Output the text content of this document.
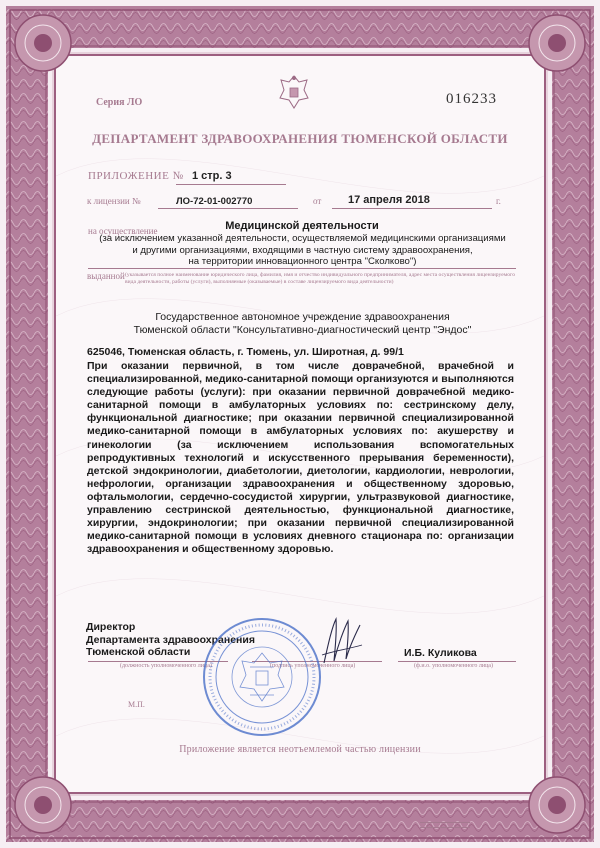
Серия ЛО	016233
ДЕПАРТАМЕНТ ЗДРАВООХРАНЕНИЯ ТЮМЕНСКОЙ ОБЛАСТИ
ПРИЛОЖЕНИЕ № 1 стр. 3
к лицензии №	ЛО-72-01-002770	от 17 апреля 2018	г.
на осуществление	Медицинской деятельности
(за исключением указанной деятельности, осуществляемой медицинскими организациями
и другими организациями, входящими в частную систему здравоохранения,
на территории инновационного центра "Сколково")
выданной (указывается полное наименование юридического лица, фамилия, имя и отчество индивидуального предпринимателя, адрес места осуществления лицензируемого вида деятельности, работы (услуги), выполняемые (оказываемые) в составе лицензируемого вида деятельности)
Государственное автономное учреждение здравоохранения
Тюменской области "Консультативно-диагностический центр "Эндос"
625046, Тюменская область, г. Тюмень, ул. Широтная, д. 99/1
При оказании первичной, в том числе доврачебной, врачебной и специализированной, медико-санитарной помощи организуются и выполняются следующие работы (услуги): при оказании первичной доврачебной медико-санитарной помощи в амбулаторных условиях по: сестринскому делу, функциональной диагностике; при оказании первичной специализированной медико-санитарной помощи в амбулаторных условиях по: акушерству и гинекологии (за исключением использования вспомогательных репродуктивных технологий и искусственного прерывания беременности), детской эндокринологии, диабетологии, диетологии, кардиологии, неврологии, нефрологии, организации здравоохранения и общественному здоровью, офтальмологии, сердечно-сосудистой хирургии, ультразвуковой диагностике, управлению сестринской деятельностью, функциональной диагностике, хирургии, эндокринологии; при оказании первичной специализированной медико-санитарной помощи в условиях дневного стационара по: организации здравоохранения и общественному здоровью.
Директор
Департамента здравоохранения
Тюменской области	И.Б. Куликова
(должность уполномоченного лица)	(подпись уполномоченного лица)	(ф.и.о. уполномоченного лица)
М.П.
Приложение является неотъемлемой частью лицензии
